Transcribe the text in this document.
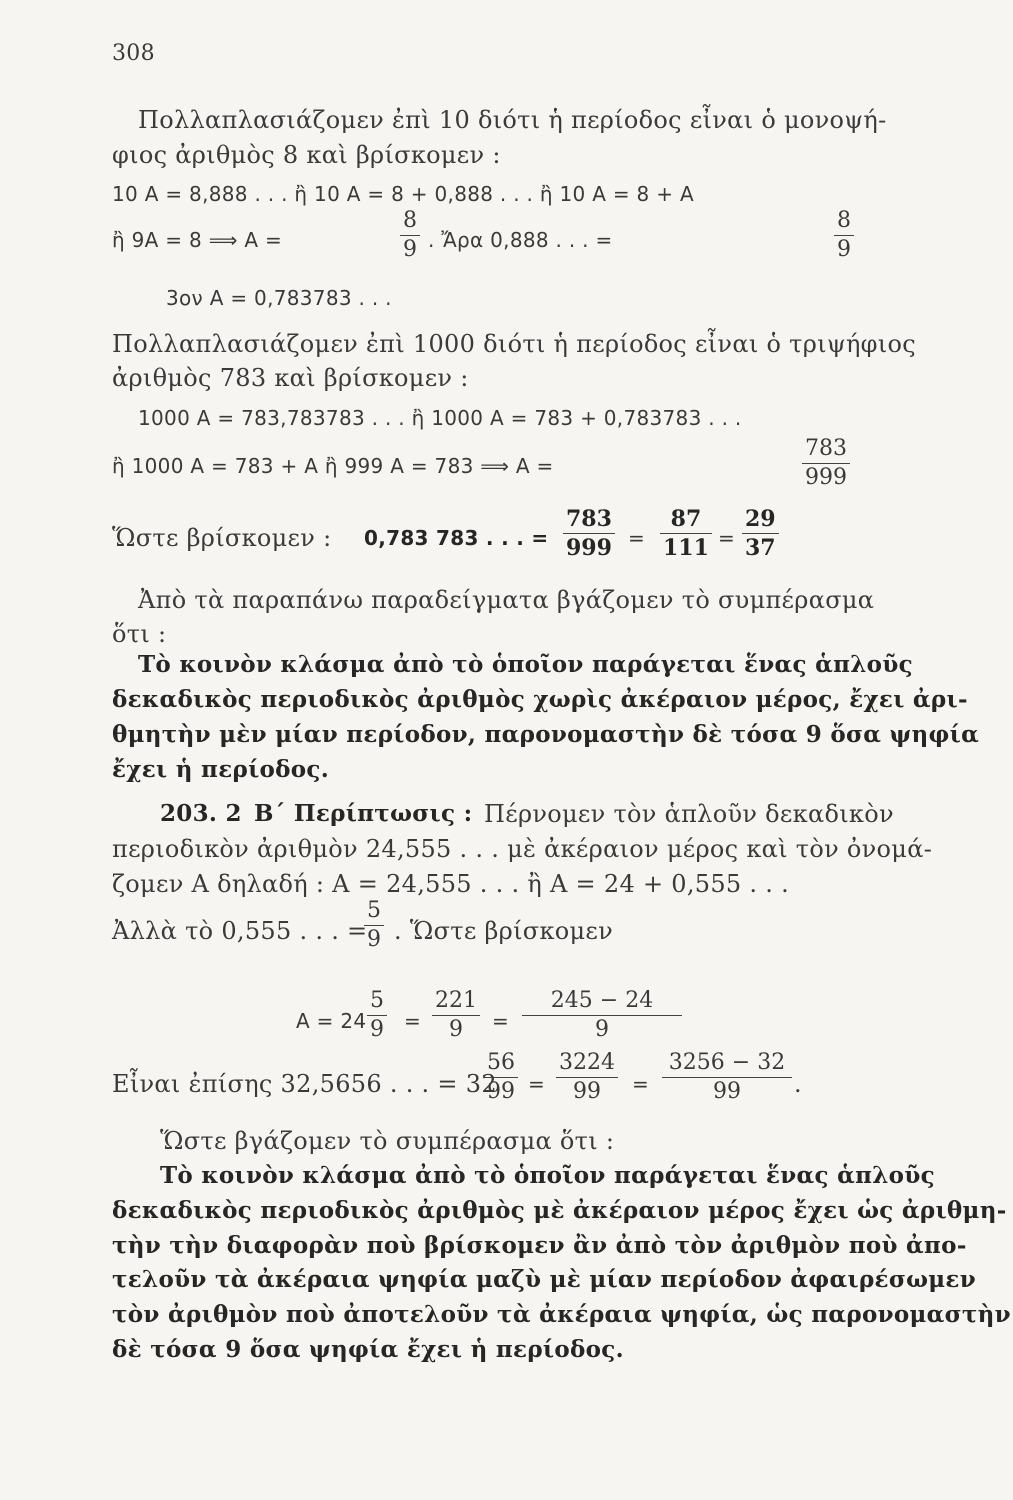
308
Πολλαπλασιάζομεν ἐπὶ 10 διότι ἡ περίοδος εἶναι ὁ μονοψή-
φιος ἀριθμὸς 8 καὶ βρίσκομεν :
10 A = 8,888 . . . ἢ 10 A = 8 + 0,888 . . . ἢ 10 A = 8 + A
ἢ 9A = 8 ⟹ A =	$\frac{8}{9}$ . Ἄρα 0,888 . . . =	$\frac{8}{9}$
3ον A = 0,783783 . . .
Πολλαπλασιάζομεν ἐπὶ 1000 διότι ἡ περίοδος εἶναι ὁ τριψήφιος
ἀριθμὸς 783 καὶ βρίσκομεν :
1000 A = 783,783783 . . . ἢ 1000 A = 783 + 0,783783 . . .
ἢ 1000 A = 783 + A ἢ 999 A = 783 ⟹ A =	$\frac{783}{999}$
Ὥστε βρίσκομεν : 0,783 783 . . . = $\frac{783}{999} = \frac{87}{111} = \frac{29}{37}$
Ἀπὸ τὰ παραπάνω παραδείγματα βγάζομεν τὸ συμπέρασμα
ὅτι :
Τὸ κοινὸν κλάσμα ἀπὸ τὸ ὁποῖον παράγεται ἕνας ἁπλοῦς
δεκαδικὸς περιοδικὸς ἀριθμὸς χωρὶς ἀκέραιον μέρος, ἔχει ἀρι-
θμητὴν μὲν μίαν περίοδον, παρονομαστὴν δὲ τόσα 9 ὅσα ψηφία
ἔχει ἡ περίοδος.
203. 2 Β΄ Περίπτωσις : Πέρνομεν τὸν ἁπλοῦν δεκαδικὸν
περιοδικὸν ἀριθμὸν 24,555 . . . μὲ ἀκέραιον μέρος καὶ τὸν ὀνομά-
ζομεν A δηλαδή : A = 24,555 . . . ἢ A = 24 + 0,555 . . .
Ἀλλὰ τὸ 0,555 . . . =
$\frac{5}{9}$ . Ὥστε βρίσκομεν
$A = 24 \frac{5}{9} = \frac{221}{9} = \frac{245 - 24}{9}$
Εἶναι ἐπίσης 32,5656 . . . = 32
$\frac{56}{99} = \frac{3224}{99} = \frac{3256 - 32}{99}$ .
Ὥστε βγάζομεν τὸ συμπέρασμα ὅτι :
Τὸ κοινὸν κλάσμα ἀπὸ τὸ ὁποῖον παράγεται ἕνας ἁπλοῦς
δεκαδικὸς περιοδικὸς ἀριθμὸς μὲ ἀκέραιον μέρος ἔχει ὡς ἀριθμη-
τὴν τὴν διαφορὰν ποὺ βρίσκομεν ἂν ἀπὸ τὸν ἀριθμὸν ποὺ ἀπο-
τελοῦν τὰ ἀκέραια ψηφία μαζὺ μὲ μίαν περίοδον ἀφαιρέσωμεν
τὸν ἀριθμὸν ποὺ ἀποτελοῦν τὰ ἀκέραια ψηφία, ὡς παρονομαστὴν
δὲ τόσα 9 ὅσα ψηφία ἔχει ἡ περίοδος.
